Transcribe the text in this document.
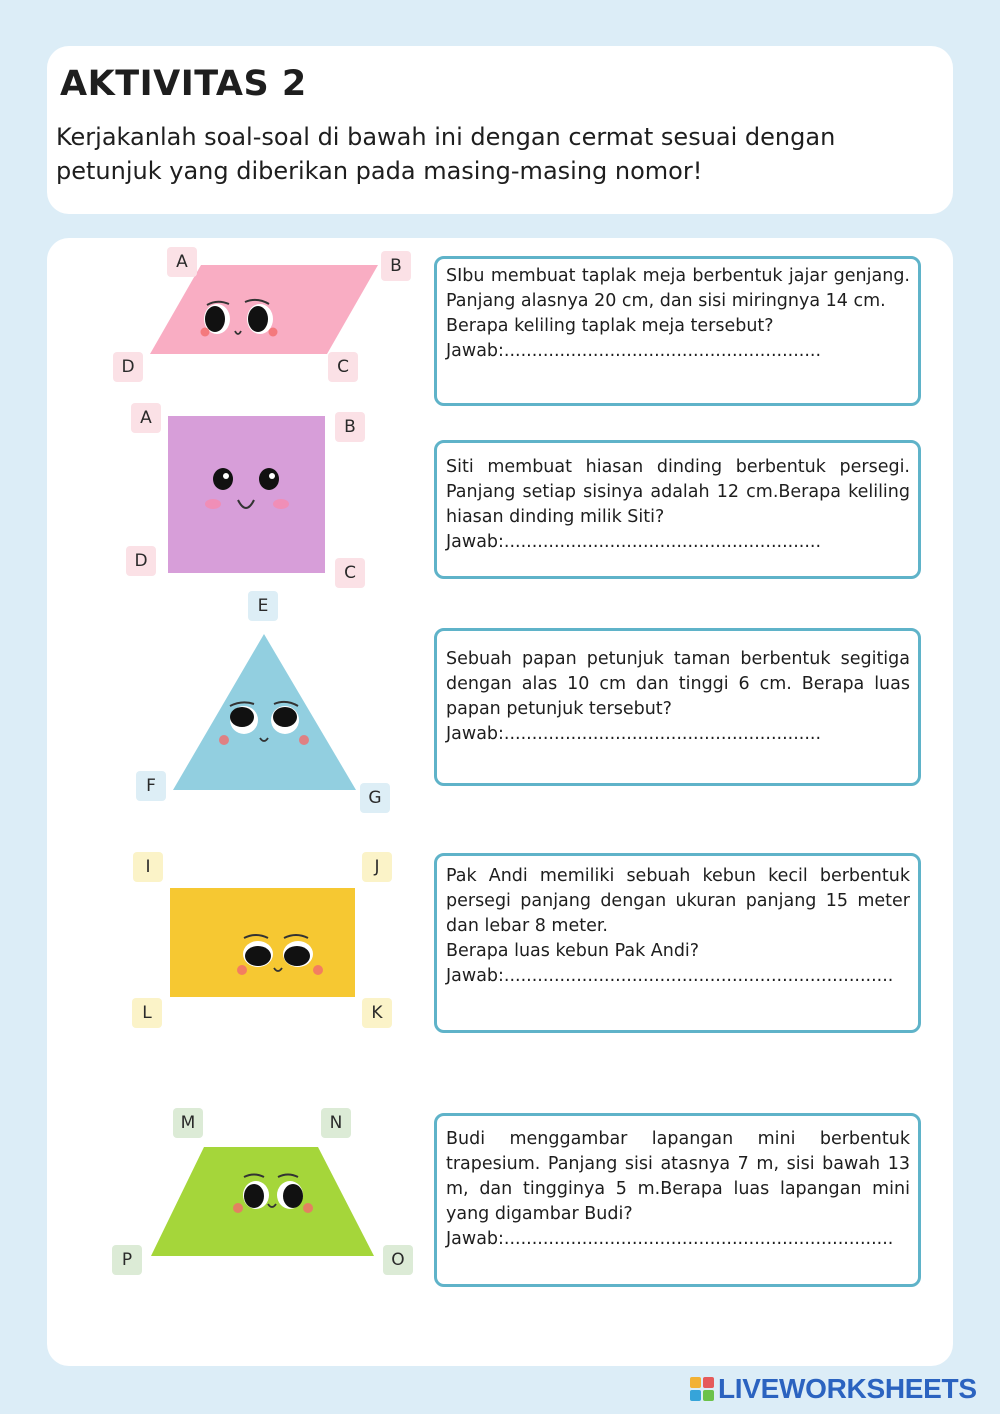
AKTIVITAS 2

Kerjakanlah soal-soal di bawah ini dengan cermat sesuai dengan petunjuk yang diberikan pada masing-masing nomor!

A	B
C
D

SIbu membuat taplak meja berbentuk jajar genjang. Panjang alasnya 20 cm, dan sisi miringnya 14 cm.
Berapa keliling taplak meja tersebut?

Jawab:.........................................................

A	B
C
D

Siti membuat hiasan dinding berbentuk persegi. Panjang setiap sisinya adalah 12 cm.Berapa keliling hiasan dinding milik Siti?

Jawab:.........................................................

E
F
G

Sebuah papan petunjuk taman berbentuk segitiga dengan alas 10 cm dan tinggi 6 cm. Berapa luas papan petunjuk tersebut?

Jawab:.........................................................

I	J
K
L

Pak Andi memiliki sebuah kebun kecil berbentuk persegi panjang dengan ukuran panjang 15 meter dan lebar 8 meter.
Berapa luas kebun Pak Andi?

Jawab:......................................................................

M	N
O
P

Budi menggambar lapangan mini berbentuk trapesium. Panjang sisi atasnya 7 m, sisi bawah 13 m, dan tingginya 5 m.Berapa luas lapangan mini yang digambar Budi?

Jawab:......................................................................

LIVEWORKSHEETS
